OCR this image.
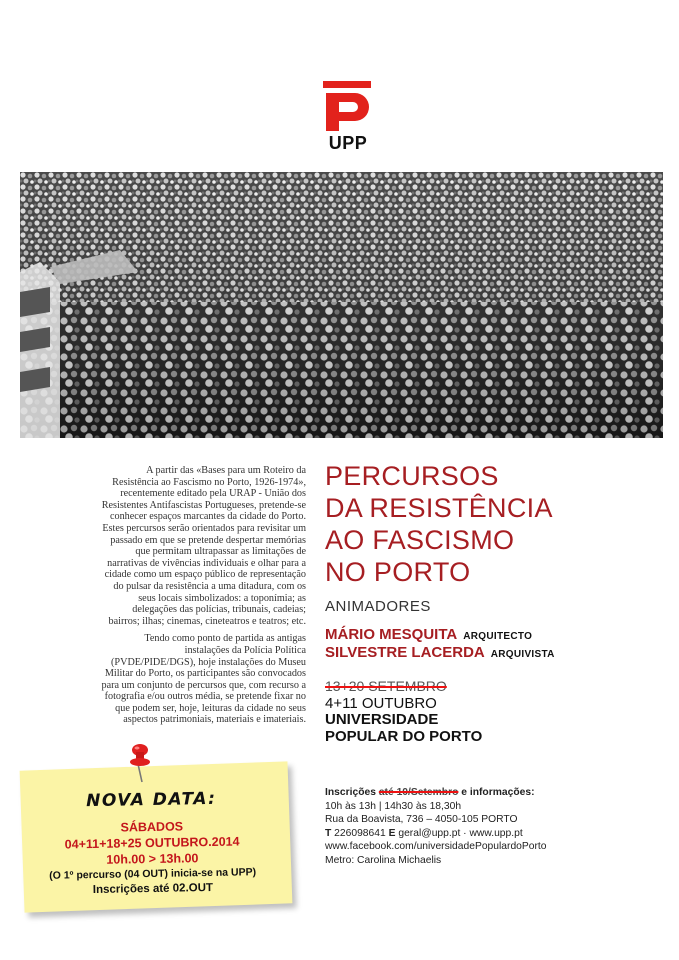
UPP

A partir das «Bases para um Roteiro da Resistência ao Fascismo no Porto, 1926-1974», recentemente editado pela URAP - União dos Resistentes Antifascistas Portugueses, pretende-se conhecer espaços marcantes da cidade do Porto. Estes percursos serão orientados para revisitar um passado em que se pretende despertar memórias que permitam ultrapassar as limitações de narrativas de vivências individuais e olhar para a cidade como um espaço público de representação do pulsar da resistência a uma ditadura, com os seus locais simbolizados: a toponímia; as delegações das polícias, tribunais, cadeias; bairros; ilhas; cinemas, cineteatros e teatros; etc.

Tendo como ponto de partida as antigas instalações da Polícia Política (PVDE/PIDE/DGS), hoje instalações do Museu Militar do Porto, os participantes são convocados para um conjunto de percursos que, com recurso a fotografia e/ou outros média, se pretende fixar no que podem ser, hoje, leituras da cidade no seus aspectos patrimoniais, materiais e imateriais.

PERCURSOS
DA RESISTÊNCIA
AO FASCISMO
NO PORTO
ANIMADORES
MÁRIO MESQUITA ARQUITECTO
SILVESTRE LACERDA ARQUIVISTA
13+20 SETEMBRO
4+11 OUTUBRO
UNIVERSIDADE
POPULAR DO PORTO
Inscrições até 10/Setembro e informações:
10h às 13h | 14h30 às 18,30h
Rua da Boavista, 736 – 4050-105 PORTO
T 226098641 E geral@upp.pt · www.upp.pt
www.facebook.com/universidadePopulardoPorto
Metro: Carolina Michaelis
NOVA DATA:
SÁBADOS
04+11+18+25 OUTUBRO.2014
10h.00 > 13h.00
(O 1º percurso (04 OUT) inicia-se na UPP)
Inscrições até 02.OUT
